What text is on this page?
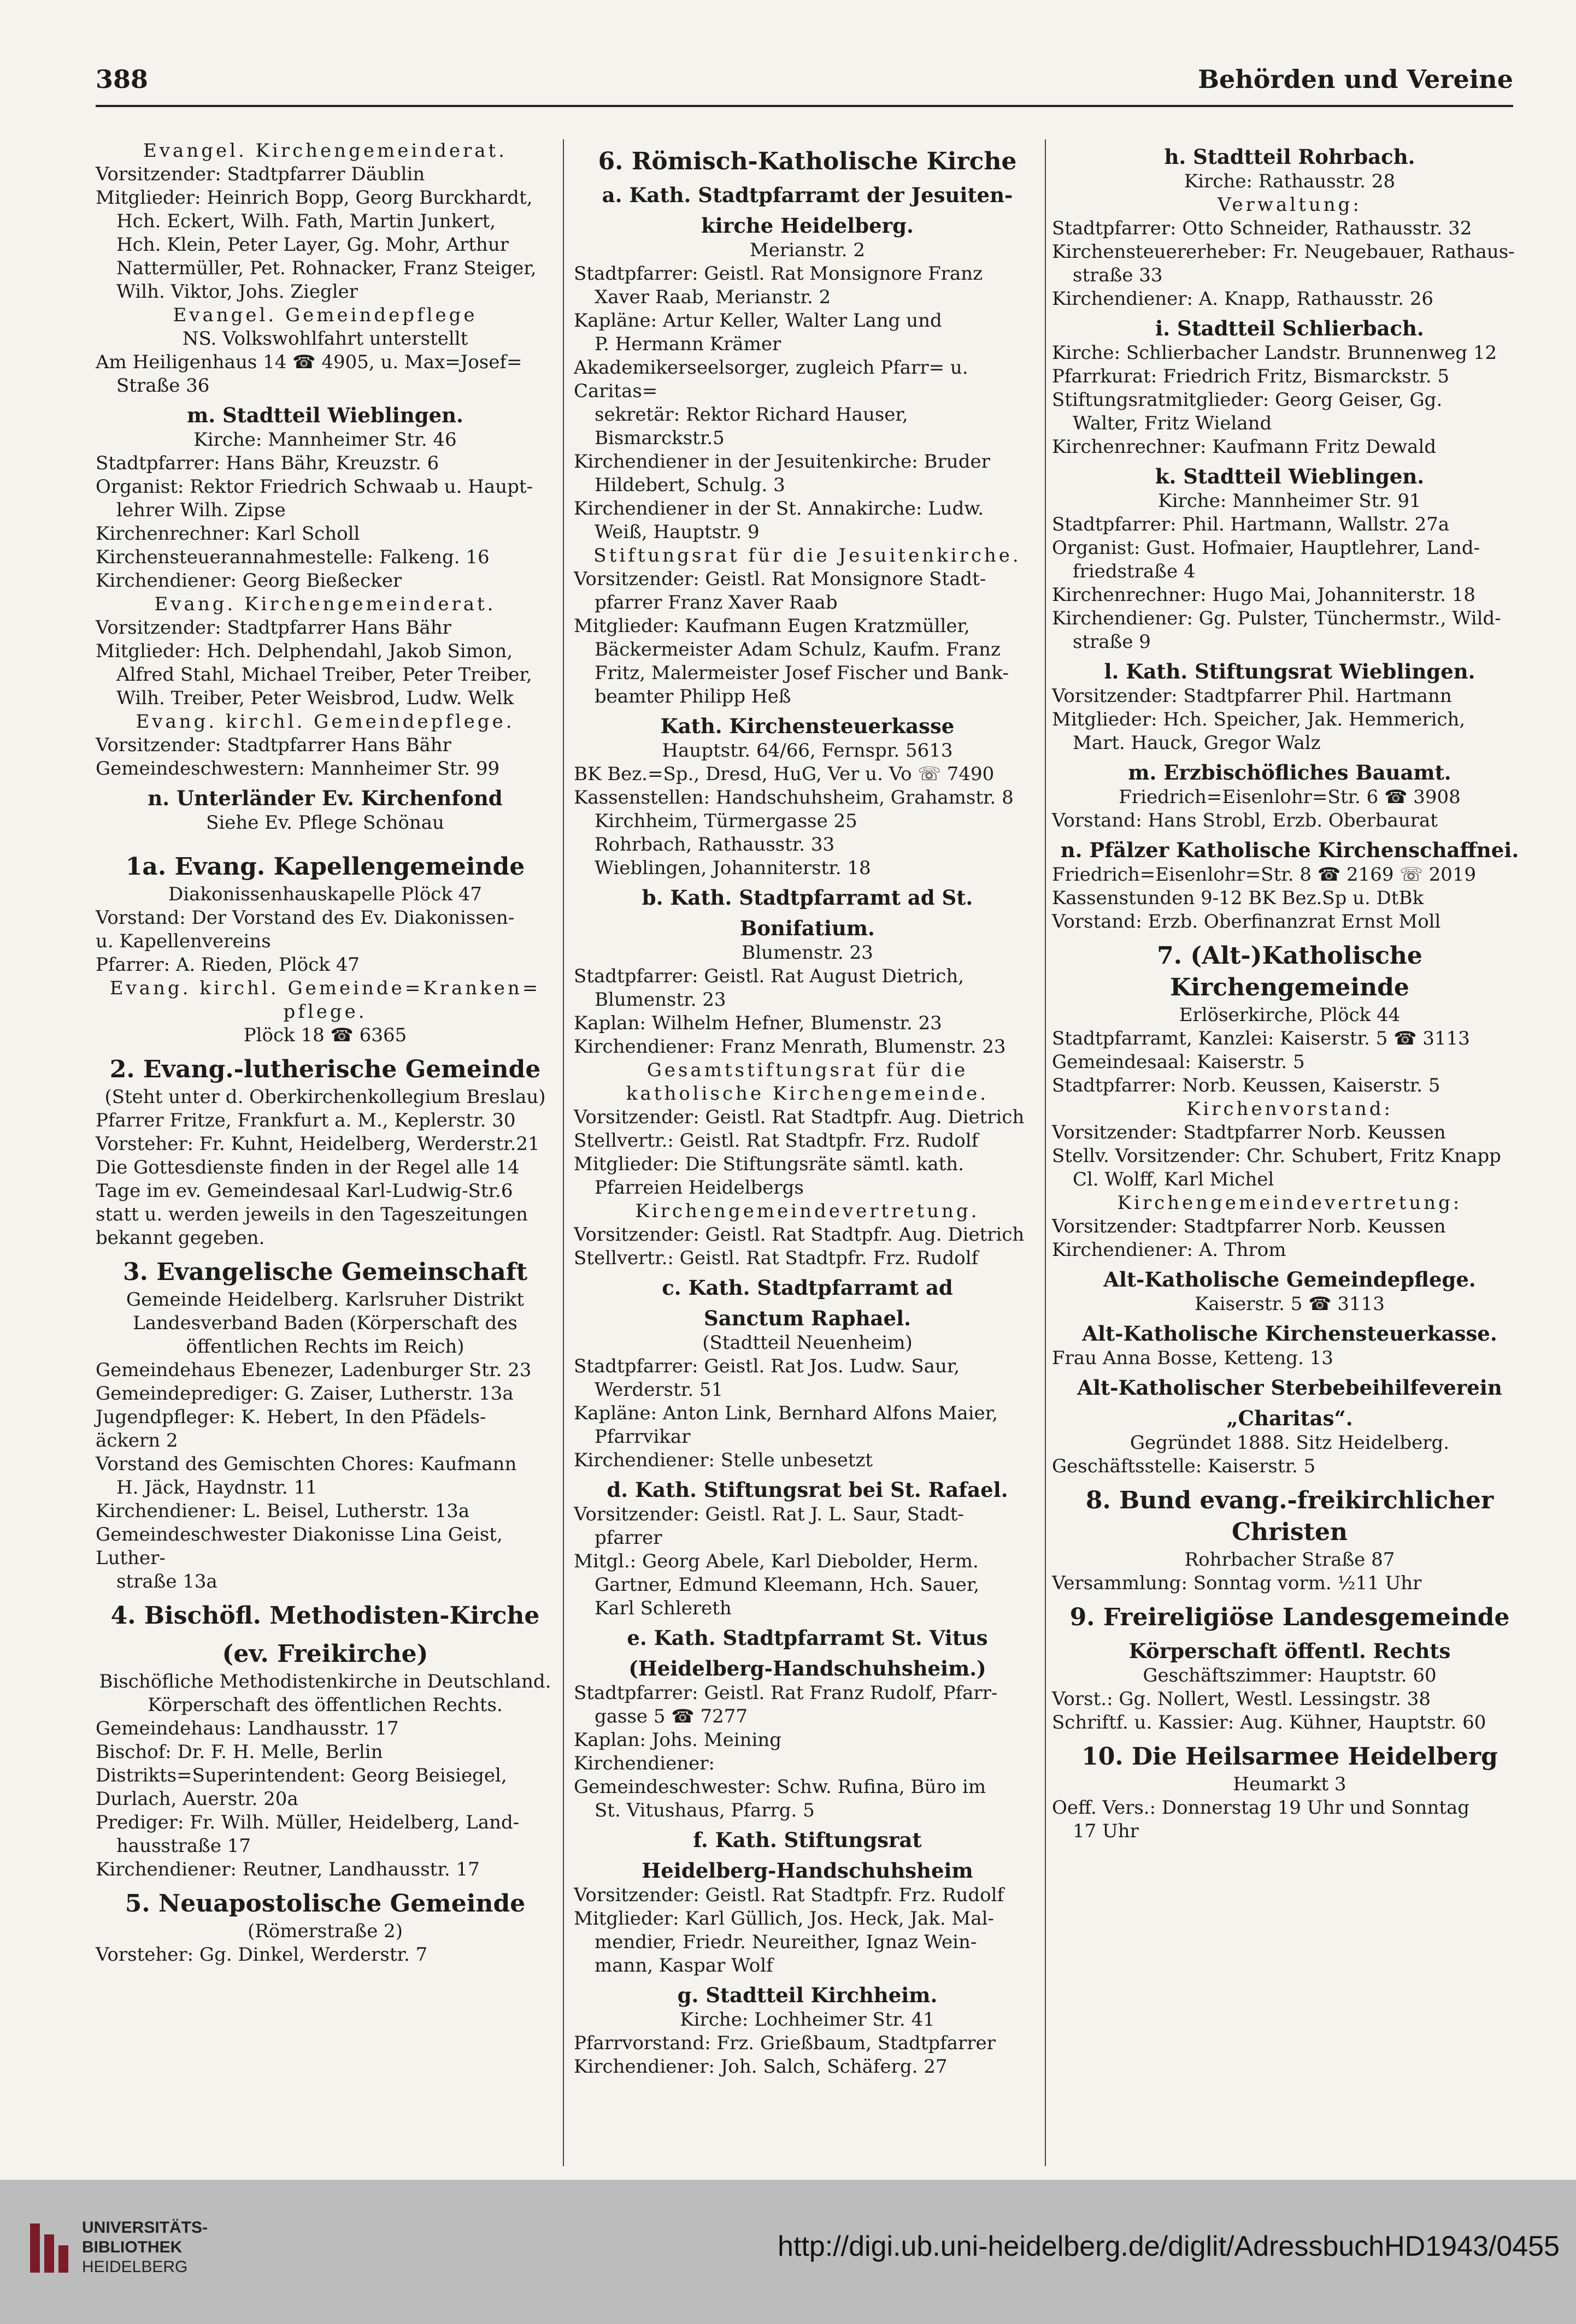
388	Behörden und Vereine
Evangel. Kirchengemeinderat.
Vorsitzender: Stadtpfarrer Däublin
Mitglieder: Heinrich Bopp, Georg Burckhardt,
Hch. Eckert, Wilh. Fath, Martin Junkert,
Hch. Klein, Peter Layer, Gg. Mohr, Arthur
Nattermüller, Pet. Rohnacker, Franz Steiger,
Wilh. Viktor, Johs. Ziegler
Evangel. Gemeindepflege
NS. Volkswohlfahrt unterstellt
Am Heiligenhaus 14 ☎ 4905, u. Max=Josef=
Straße 36
m. Stadtteil Wieblingen.
Kirche: Mannheimer Str. 46
Stadtpfarrer: Hans Bähr, Kreuzstr. 6
Organist: Rektor Friedrich Schwaab u. Haupt-
lehrer Wilh. Zipse
Kirchenrechner: Karl Scholl
Kirchensteuerannahmestelle: Falkeng. 16
Kirchendiener: Georg Bießecker
Evang. Kirchengemeinderat.
Vorsitzender: Stadtpfarrer Hans Bähr
Mitglieder: Hch. Delphendahl, Jakob Simon,
Alfred Stahl, Michael Treiber, Peter Treiber,
Wilh. Treiber, Peter Weisbrod, Ludw. Welk
Evang. kirchl. Gemeindepflege.
Vorsitzender: Stadtpfarrer Hans Bähr
Gemeindeschwestern: Mannheimer Str. 99
n. Unterländer Ev. Kirchenfond
Siehe Ev. Pflege Schönau
1a. Evang. Kapellengemeinde
Diakonissenhauskapelle Plöck 47
Vorstand: Der Vorstand des Ev. Diakonissen-
u. Kapellenvereins
Pfarrer: A. Rieden, Plöck 47
Evang. kirchl. Gemeinde=Kranken=
pflege.
Plöck 18 ☎ 6365
2. Evang.-lutherische Gemeinde
(Steht unter d. Oberkirchenkollegium Breslau)
Pfarrer Fritze, Frankfurt a. M., Keplerstr. 30
Vorsteher: Fr. Kuhnt, Heidelberg, Werderstr.21
Die Gottesdienste finden in der Regel alle 14
Tage im ev. Gemeindesaal Karl-Ludwig-Str.6
statt u. werden jeweils in den Tageszeitungen
bekannt gegeben.
3. Evangelische Gemeinschaft
Gemeinde Heidelberg. Karlsruher Distrikt
Landesverband Baden (Körperschaft des
öffentlichen Rechts im Reich)
Gemeindehaus Ebenezer, Ladenburger Str. 23
Gemeindeprediger: G. Zaiser, Lutherstr. 13a
Jugendpfleger: K. Hebert, In den Pfädels-
äckern 2
Vorstand des Gemischten Chores: Kaufmann
H. Jäck, Haydnstr. 11
Kirchendiener: L. Beisel, Lutherstr. 13a
Gemeindeschwester Diakonisse Lina Geist, Luther-
straße 13a
4. Bischöfl. Methodisten-Kirche
(ev. Freikirche)
Bischöfliche Methodistenkirche in Deutschland.
Körperschaft des öffentlichen Rechts.
Gemeindehaus: Landhausstr. 17
Bischof: Dr. F. H. Melle, Berlin
Distrikts=Superintendent: Georg Beisiegel,
Durlach, Auerstr. 20a
Prediger: Fr. Wilh. Müller, Heidelberg, Land-
hausstraße 17
Kirchendiener: Reutner, Landhausstr. 17
5. Neuapostolische Gemeinde
(Römerstraße 2)
Vorsteher: Gg. Dinkel, Werderstr. 7
6. Römisch-Katholische Kirche
a. Kath. Stadtpfarramt der Jesuiten-
kirche Heidelberg.
Merianstr. 2
Stadtpfarrer: Geistl. Rat Monsignore Franz
Xaver Raab, Merianstr. 2
Kapläne: Artur Keller, Walter Lang und
P. Hermann Krämer
Akademikerseelsorger, zugleich Pfarr= u. Caritas=
sekretär: Rektor Richard Hauser, Bismarckstr.5
Kirchendiener in der Jesuitenkirche: Bruder
Hildebert, Schulg. 3
Kirchendiener in der St. Annakirche: Ludw.
Weiß, Hauptstr. 9
Stiftungsrat für die Jesuitenkirche.
Vorsitzender: Geistl. Rat Monsignore Stadt-
pfarrer Franz Xaver Raab
Mitglieder: Kaufmann Eugen Kratzmüller,
Bäckermeister Adam Schulz, Kaufm. Franz
Fritz, Malermeister Josef Fischer und Bank-
beamter Philipp Heß
Kath. Kirchensteuerkasse
Hauptstr. 64/66, Fernspr. 5613
BK Bez.=Sp., Dresd, HuG, Ver u. Vo ☏ 7490
Kassenstellen: Handschuhsheim, Grahamstr. 8
Kirchheim, Türmergasse 25
Rohrbach, Rathausstr. 33
Wieblingen, Johanniterstr. 18
b. Kath. Stadtpfarramt ad St.
Bonifatium.
Blumenstr. 23
Stadtpfarrer: Geistl. Rat August Dietrich,
Blumenstr. 23
Kaplan: Wilhelm Hefner, Blumenstr. 23
Kirchendiener: Franz Menrath, Blumenstr. 23
Gesamtstiftungsrat für die
katholische Kirchengemeinde.
Vorsitzender: Geistl. Rat Stadtpfr. Aug. Dietrich
Stellvertr.: Geistl. Rat Stadtpfr. Frz. Rudolf
Mitglieder: Die Stiftungsräte sämtl. kath.
Pfarreien Heidelbergs
Kirchengemeindevertretung.
Vorsitzender: Geistl. Rat Stadtpfr. Aug. Dietrich
Stellvertr.: Geistl. Rat Stadtpfr. Frz. Rudolf
c. Kath. Stadtpfarramt ad
Sanctum Raphael.
(Stadtteil Neuenheim)
Stadtpfarrer: Geistl. Rat Jos. Ludw. Saur,
Werderstr. 51
Kapläne: Anton Link, Bernhard Alfons Maier,
Pfarrvikar
Kirchendiener: Stelle unbesetzt
d. Kath. Stiftungsrat bei St. Rafael.
Vorsitzender: Geistl. Rat J. L. Saur, Stadt-
pfarrer
Mitgl.: Georg Abele, Karl Diebolder, Herm.
Gartner, Edmund Kleemann, Hch. Sauer,
Karl Schlereth
e. Kath. Stadtpfarramt St. Vitus
(Heidelberg-Handschuhsheim.)
Stadtpfarrer: Geistl. Rat Franz Rudolf, Pfarr-
gasse 5 ☎ 7277
Kaplan: Johs. Meining
Kirchendiener:
Gemeindeschwester: Schw. Rufina, Büro im
St. Vitushaus, Pfarrg. 5
f. Kath. Stiftungsrat
Heidelberg-Handschuhsheim
Vorsitzender: Geistl. Rat Stadtpfr. Frz. Rudolf
Mitglieder: Karl Güllich, Jos. Heck, Jak. Mal-
mendier, Friedr. Neureither, Ignaz Wein-
mann, Kaspar Wolf
g. Stadtteil Kirchheim.
Kirche: Lochheimer Str. 41
Pfarrvorstand: Frz. Grießbaum, Stadtpfarrer
Kirchendiener: Joh. Salch, Schäferg. 27
h. Stadtteil Rohrbach.
Kirche: Rathausstr. 28
Verwaltung:
Stadtpfarrer: Otto Schneider, Rathausstr. 32
Kirchensteuererheber: Fr. Neugebauer, Rathaus-
straße 33
Kirchendiener: A. Knapp, Rathausstr. 26
i. Stadtteil Schlierbach.
Kirche: Schlierbacher Landstr. Brunnenweg 12
Pfarrkurat: Friedrich Fritz, Bismarckstr. 5
Stiftungsratmitglieder: Georg Geiser, Gg.
Walter, Fritz Wieland
Kirchenrechner: Kaufmann Fritz Dewald
k. Stadtteil Wieblingen.
Kirche: Mannheimer Str. 91
Stadtpfarrer: Phil. Hartmann, Wallstr. 27a
Organist: Gust. Hofmaier, Hauptlehrer, Land-
friedstraße 4
Kirchenrechner: Hugo Mai, Johanniterstr. 18
Kirchendiener: Gg. Pulster, Tünchermstr., Wild-
straße 9
l. Kath. Stiftungsrat Wieblingen.
Vorsitzender: Stadtpfarrer Phil. Hartmann
Mitglieder: Hch. Speicher, Jak. Hemmerich,
Mart. Hauck, Gregor Walz
m. Erzbischöfliches Bauamt.
Friedrich=Eisenlohr=Str. 6 ☎ 3908
Vorstand: Hans Strobl, Erzb. Oberbaurat
n. Pfälzer Katholische Kirchenschaffnei.
Friedrich=Eisenlohr=Str. 8 ☎ 2169 ☏ 2019
Kassenstunden 9-12 BK Bez.Sp u. DtBk
Vorstand: Erzb. Oberfinanzrat Ernst Moll
7. (Alt-)Katholische Kirchengemeinde
Erlöserkirche, Plöck 44
Stadtpfarramt, Kanzlei: Kaiserstr. 5 ☎ 3113
Gemeindesaal: Kaiserstr. 5
Stadtpfarrer: Norb. Keussen, Kaiserstr. 5
Kirchenvorstand:
Vorsitzender: Stadtpfarrer Norb. Keussen
Stellv. Vorsitzender: Chr. Schubert, Fritz Knapp
Cl. Wolff, Karl Michel
Kirchengemeindevertretung:
Vorsitzender: Stadtpfarrer Norb. Keussen
Kirchendiener: A. Throm
Alt-Katholische Gemeindepflege.
Kaiserstr. 5 ☎ 3113
Alt-Katholische Kirchensteuerkasse.
Frau Anna Bosse, Ketteng. 13
Alt-Katholischer Sterbebeihilfeverein
„Charitas“.
Gegründet 1888. Sitz Heidelberg.
Geschäftsstelle: Kaiserstr. 5
8. Bund evang.-freikirchlicher Christen
Rohrbacher Straße 87
Versammlung: Sonntag vorm. ½11 Uhr
9. Freireligiöse Landesgemeinde
Körperschaft öffentl. Rechts
Geschäftszimmer: Hauptstr. 60
Vorst.: Gg. Nollert, Westl. Lessingstr. 38
Schriftf. u. Kassier: Aug. Kühner, Hauptstr. 60
10. Die Heilsarmee Heidelberg
Heumarkt 3
Oeff. Vers.: Donnerstag 19 Uhr und Sonntag
17 Uhr
UNIVERSITÄTS-
BIBLIOTHEK
HEIDELBERG
http://digi.ub.uni-heidelberg.de/diglit/AdressbuchHD1943/0455
